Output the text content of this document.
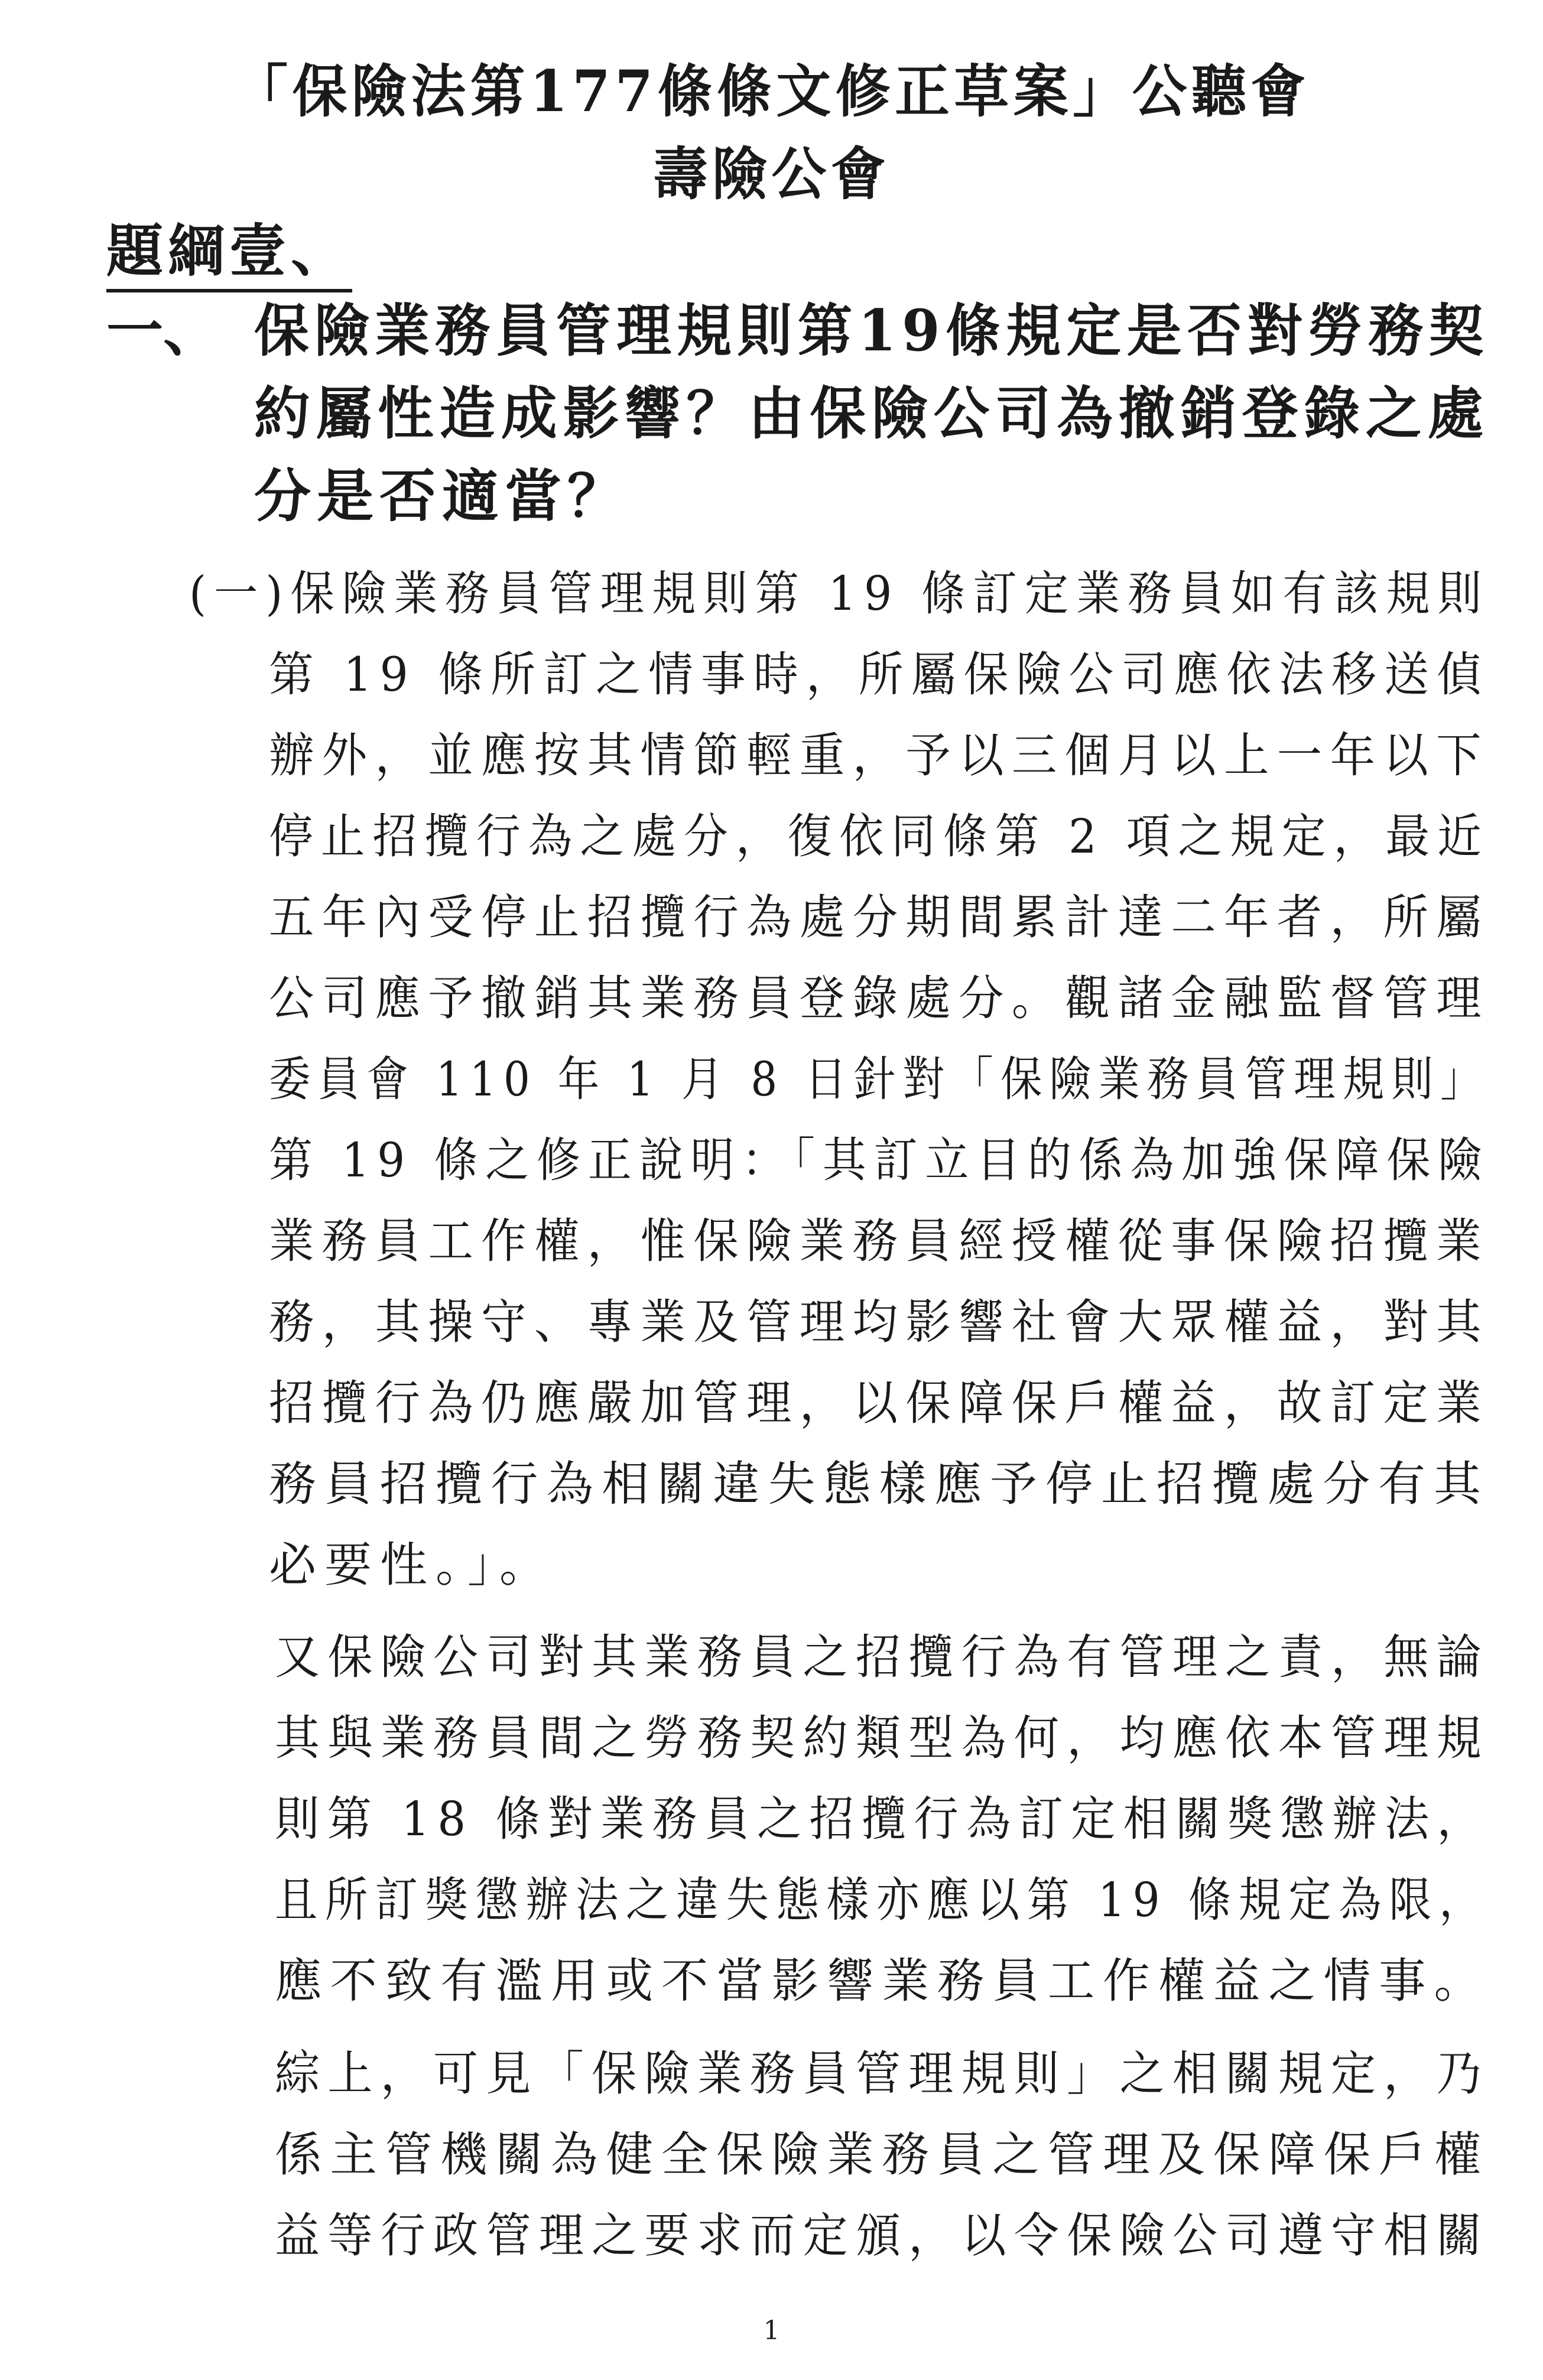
「保險法第177條條文修正草案」公聽會
壽險公會
題綱壹、
一、 保險業務員管理規則第19條規定是否對勞務契
約屬性造成影響？由保險公司為撤銷登錄之處
分是否適當？
(一)保險業務員管理規則第 19 條訂定業務員如有該規則
第 19 條所訂之情事時，所屬保險公司應依法移送偵
辦外，並應按其情節輕重，予以三個月以上一年以下
停止招攬行為之處分，復依同條第 2 項之規定，最近
五年內受停止招攬行為處分期間累計達二年者，所屬
公司應予撤銷其業務員登錄處分。觀諸金融監督管理
委員會 110 年 1 月 8 日針對「保險業務員管理規則」
第 19 條之修正說明：「其訂立目的係為加強保障保險
業務員工作權，惟保險業務員經授權從事保險招攬業
務，其操守、專業及管理均影響社會大眾權益，對其
招攬行為仍應嚴加管理，以保障保戶權益，故訂定業
務員招攬行為相關違失態樣應予停止招攬處分有其
必要性。」。
又保險公司對其業務員之招攬行為有管理之責，無論
其與業務員間之勞務契約類型為何，均應依本管理規
則第 18 條對業務員之招攬行為訂定相關獎懲辦法，
且所訂獎懲辦法之違失態樣亦應以第 19 條規定為限，
應不致有濫用或不當影響業務員工作權益之情事。
綜上，可見「保險業務員管理規則」之相關規定，乃
係主管機關為健全保險業務員之管理及保障保戶權
益等行政管理之要求而定頒，以令保險公司遵守相關
1
